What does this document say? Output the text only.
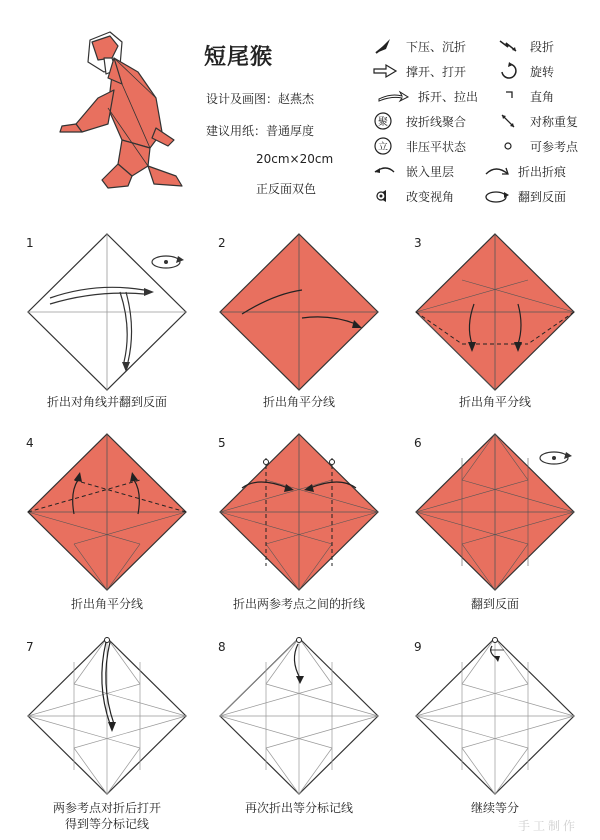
短尾猴
设计及画图：赵燕杰
建议用纸：普通厚度
20cm×20cm
正反面双色
下压、沉折	段折
撑开、打开	旋转
拆开、拉出	直角
聚 按折线聚合	对称重复
立 非压平状态	可参考点
嵌入里层	折出折痕
改变视角	翻到反面
1
折出对角线并翻到反面
2
折出角平分线
3
折出角平分线
4
折出角平分线
5
折出两参考点之间的折线
6
翻到反面
7
两参考点对折后打开
得到等分标记线
8
再次折出等分标记线
9
继续等分
手工制作
